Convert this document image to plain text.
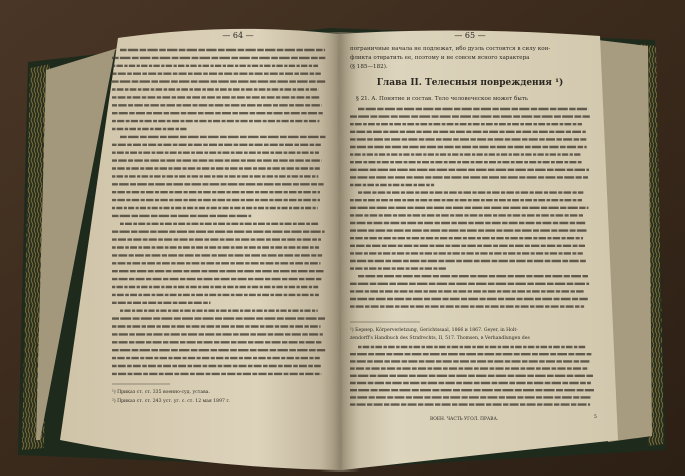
— 64 —
¹) Приказ ст. ст. 335 военно-суд. устава.
²) Приказ ст. ст. 243 уст. уг. с. ст. 12 мая 1897 г.
— 65 —
пограничные начала не подлежат, ибо дуэль состоится в силу кон-
фликта отвратить ее, поэтому и не совсем ясного характера
(§ 185—182).
Глава II. Телесныя повреждения ¹)
§ 21. А. Понятие и состав. Тело человеческое может быть
¹) Бернер, Körperverletzung, Gerichtssaal, 1866 и 1867. Geyer, in Holt-
zendorff's Handbuch des Strafrechts, II, 517. Thomsen, в Verhandlungen des
ВОЕН. ЧАСТЬ УГОЛ. ПРАВА.	5
